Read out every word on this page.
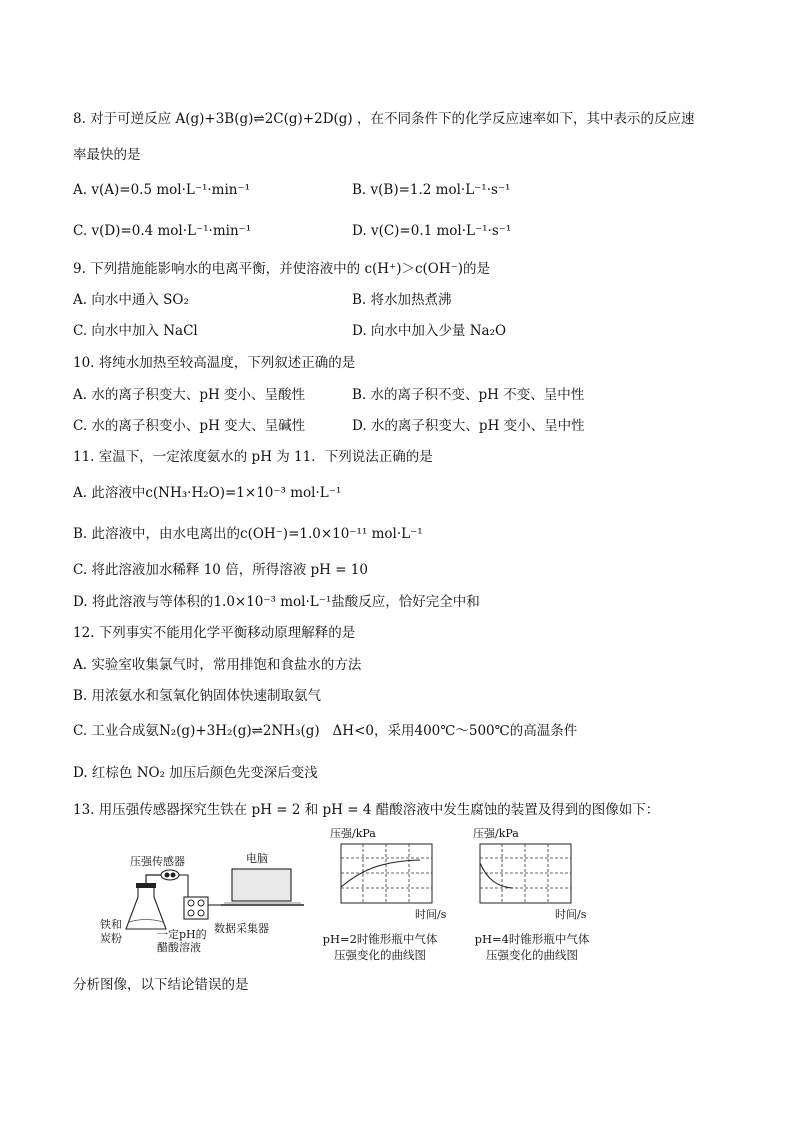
8. 对于可逆反应 A(g)+3B(g)⇌2C(g)+2D(g) ，在不同条件下的化学反应速率如下，其中表示的反应速
率最快的是
A. v(A)=0.5 mol·L⁻¹·min⁻¹	B. v(B)=1.2 mol·L⁻¹·s⁻¹
C. v(D)=0.4 mol·L⁻¹·min⁻¹	D. v(C)=0.1 mol·L⁻¹·s⁻¹
9. 下列措施能影响水的电离平衡，并使溶液中的 c(H⁺)＞c(OH⁻)的是
A. 向水中通入 SO₂	B. 将水加热煮沸
C. 向水中加入 NaCl	D. 向水中加入少量 Na₂O
10. 将纯水加热至较高温度，下列叙述正确的是
A. 水的离子积变大、pH 变小、呈酸性	B. 水的离子积不变、pH 不变、呈中性
C. 水的离子积变小、pH 变大、呈碱性	D. 水的离子积变大、pH 变小、呈中性
11. 室温下，一定浓度氨水的 pH 为 11．下列说法正确的是
A. 此溶液中c(NH₃·H₂O)=1×10⁻³ mol·L⁻¹
B. 此溶液中，由水电离出的c(OH⁻)=1.0×10⁻¹¹ mol·L⁻¹
C. 将此溶液加水稀释 10 倍，所得溶液 pH = 10
D. 将此溶液与等体积的1.0×10⁻³ mol·L⁻¹盐酸反应，恰好完全中和
12. 下列事实不能用化学平衡移动原理解释的是
A. 实验室收集氯气时，常用排饱和食盐水的方法
B. 用浓氨水和氢氧化钠固体快速制取氨气
C. 工业合成氨N₂(g)+3H₂(g)⇌2NH₃(g) ΔH<0，采用400℃～500℃的高温条件
D. 红棕色 NO₂ 加压后颜色先变深后变浅
13. 用压强传感器探究生铁在 pH = 2 和 pH = 4 醋酸溶液中发生腐蚀的装置及得到的图像如下：
压强传感器	电脑
铁和
炭粉	一定pH的
醋酸溶液
数据采集器
压强/kPa
时间/s
pH=2时锥形瓶中气体
压强变化的曲线图
压强/kPa
时间/s
pH=4时锥形瓶中气体
压强变化的曲线图
分析图像，以下结论错误的是
